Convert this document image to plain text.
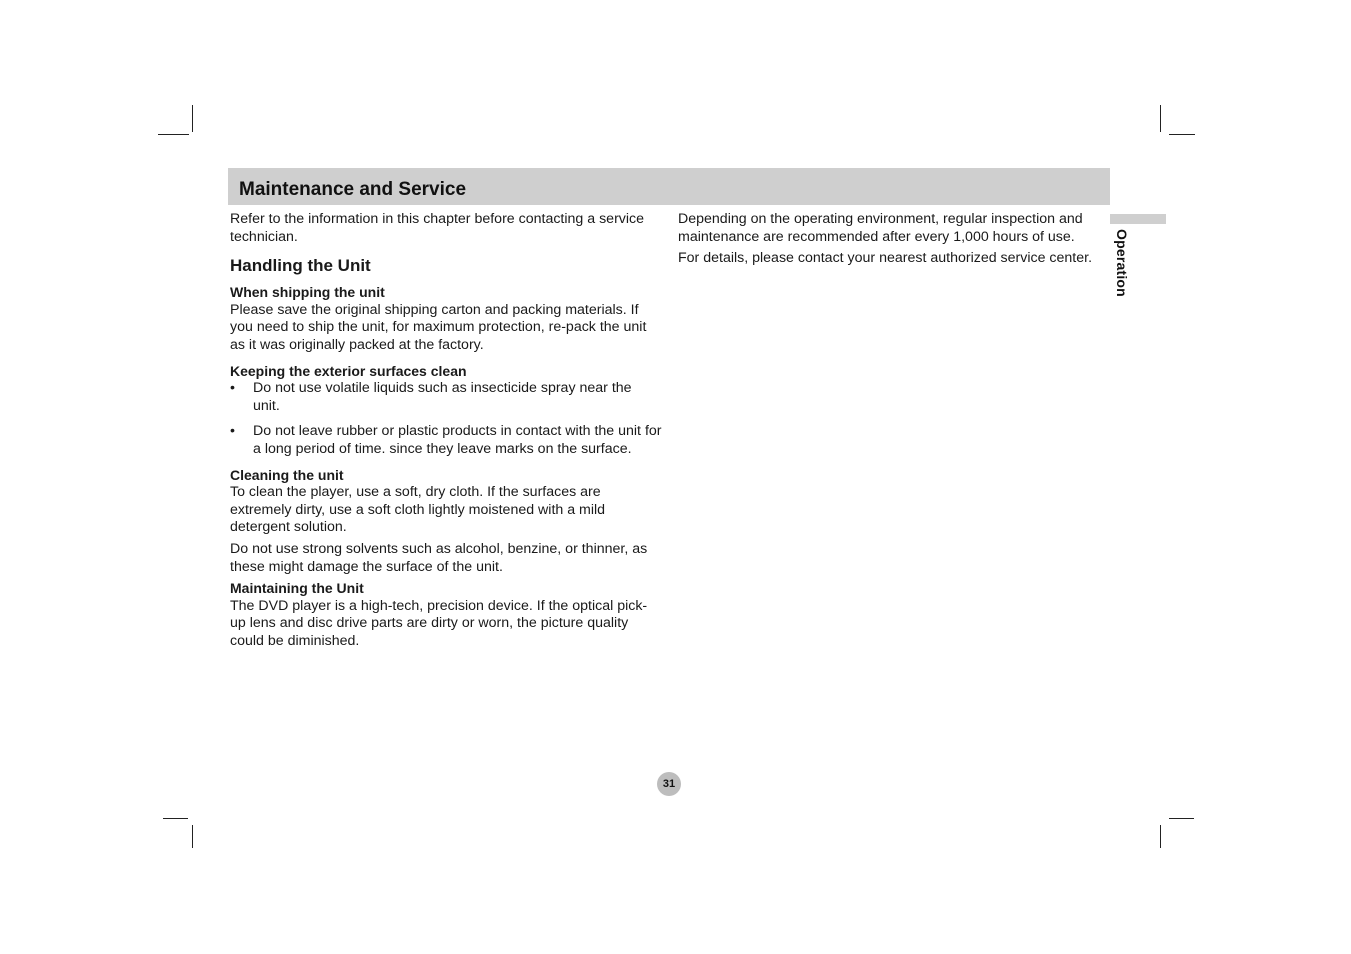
Maintenance and Service

Refer to the information in this chapter before contacting a service technician.

Handling the Unit
When shipping the unit

Please save the original shipping carton and packing materials. If you need to ship the unit, for maximum protection, re-pack the unit as it was originally packed at the factory.

Keeping the exterior surfaces clean
• Do not use volatile liquids such as insecticide spray near the unit.
• Do not leave rubber or plastic products in contact with the unit for a long period of time. since they leave marks on the surface.
Cleaning the unit

To clean the player, use a soft, dry cloth. If the surfaces are extremely dirty, use a soft cloth lightly moistened with a mild detergent solution.

Do not use strong solvents such as alcohol, benzine, or thinner, as these might damage the surface of the unit.

Maintaining the Unit

The DVD player is a high-tech, precision device. If the optical pick-up lens and disc drive parts are dirty or worn, the picture quality could be diminished.

Depending on the operating environment, regular inspection and maintenance are recommended after every 1,000 hours of use.

For details, please contact your nearest authorized service center.	Operation
31
